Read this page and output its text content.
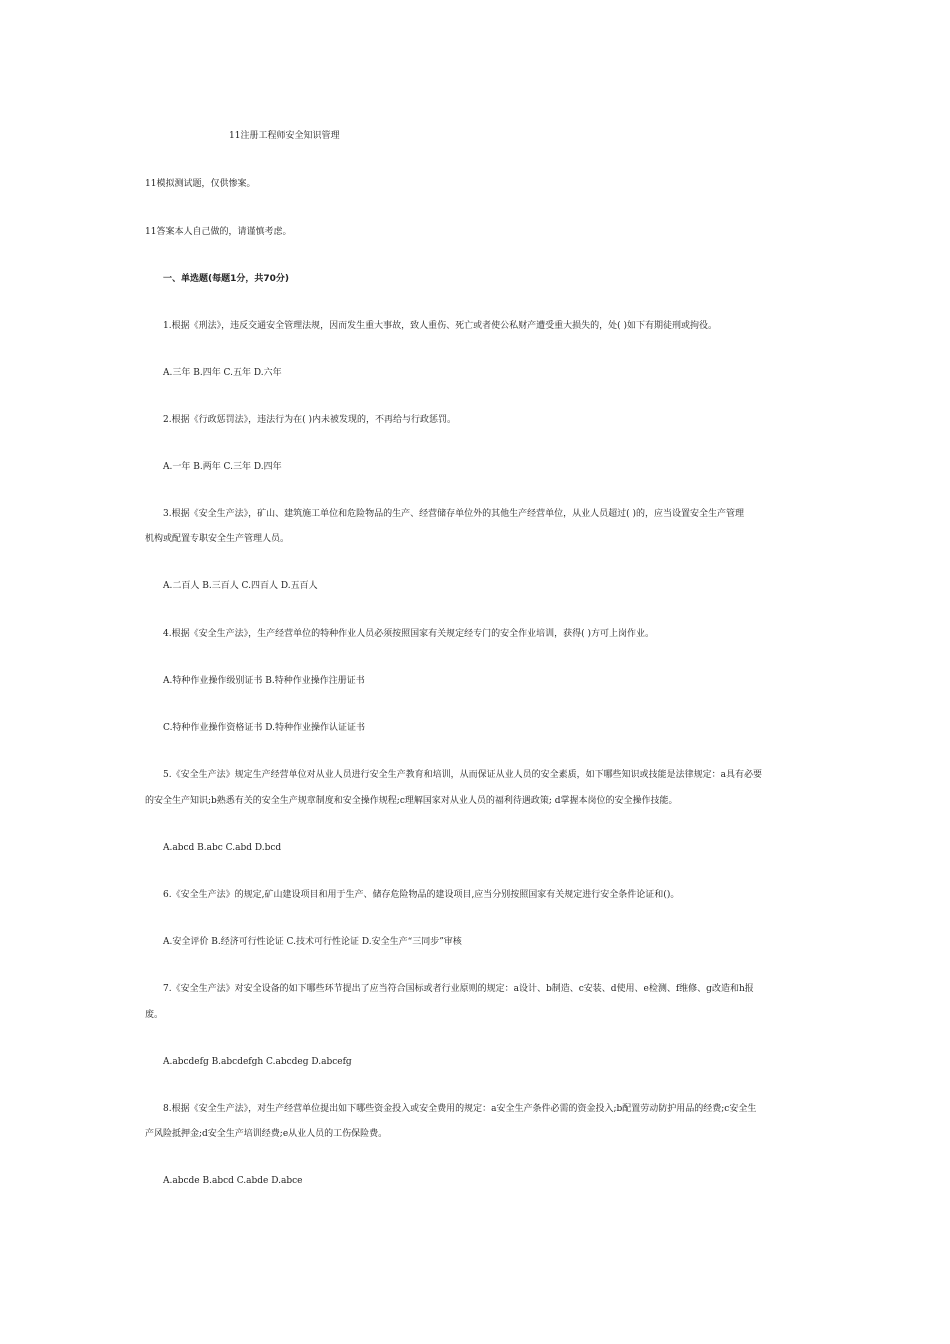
11注册工程师安全知识管理

11模拟测试题，仅供惨案。

11答案本人自己做的，请谨慎考虑。

一、单选题(每题1分，共70分)

1.根据《刑法》，违反交通安全管理法规，因而发生重大事故，致人重伤、死亡或者使公私财产遭受重大损失的，处( )如下有期徒刑或拘役。

A.三年 B.四年 C.五年 D.六年

2.根据《行政惩罚法》，违法行为在( )内未被发现的，不再给与行政惩罚。

A.一年 B.两年 C.三年 D.四年

3.根据《安全生产法》，矿山、建筑施工单位和危险物品的生产、经营储存单位外的其他生产经营单位，从业人员超过( )的，应当设置安全生产管理

机构或配置专职安全生产管理人员。

A.二百人 B.三百人 C.四百人 D.五百人

4.根据《安全生产法》，生产经营单位的特种作业人员必须按照国家有关规定经专门的安全作业培训，获得( )方可上岗作业。

A.特种作业操作级别证书 B.特种作业操作注册证书

C.特种作业操作资格证书 D.特种作业操作认证证书

5.《安全生产法》规定生产经营单位对从业人员进行安全生产教育和培训，从而保证从业人员的安全素质，如下哪些知识或技能是法律规定：a具有必要

的安全生产知识;b熟悉有关的安全生产规章制度和安全操作规程;c理解国家对从业人员的福利待遇政策; d掌握本岗位的安全操作技能。

A.abcd B.abc C.abd D.bcd

6.《安全生产法》的规定,矿山建设项目和用于生产、储存危险物品的建设项目,应当分别按照国家有关规定进行安全条件论证和()。

A.安全评价 B.经济可行性论证 C.技术可行性论证 D.安全生产“三同步”审核

7.《安全生产法》对安全设备的如下哪些环节提出了应当符合国标或者行业原则的规定：a设计、b制造、c安装、d使用、e检测、f维修、g改造和h报

废。

A.abcdefg B.abcdefgh C.abcdeg D.abcefg

8.根据《安全生产法》，对生产经营单位提出如下哪些资金投入或安全费用的规定：a安全生产条件必需的资金投入;b配置劳动防护用品的经费;c安全生

产风险抵押金;d安全生产培训经费;e从业人员的工伤保险费。

A.abcde B.abcd C.abde D.abce
